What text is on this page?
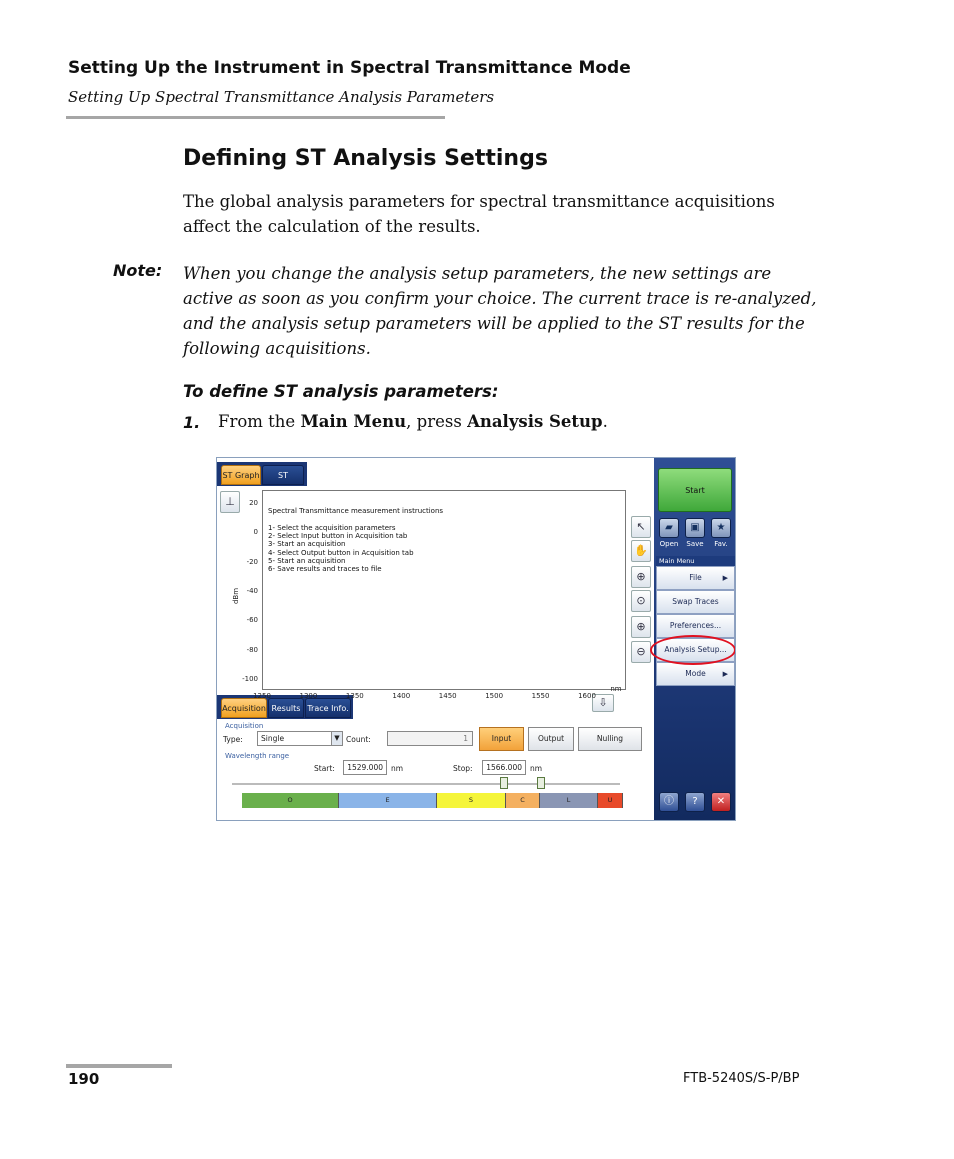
Setting Up the Instrument in Spectral Transmittance Mode
Setting Up Spectral Transmittance Analysis Parameters
Defining ST Analysis Settings
The global analysis parameters for spectral transmittance acquisitions affect the calculation of the results.
Note: When you change the analysis setup parameters, the new settings are active as soon as you confirm your choice. The current trace is re-analyzed, and the analysis setup parameters will be applied to the ST results for the following acquisitions.
To define ST analysis parameters:
1. From the Main Menu, press Analysis Setup.
ST Graph	ST
⊥
Spectral Transmittance measurement instructions
1- Select the acquisition parameters
2- Select Input button in Acquisition tab
3- Start an acquisition
4- Select Output button in Acquisition tab
5- Start an acquisition
6- Save results and traces to file
dBm
nm
↖
✋
⊕
⊙
⊕
⊖
⇩
Acquisition Results Trace Info.
Acquisition
Type:	Single	▼ Count:	1	Input	Output	Nulling
Wavelength range
Start:	1529.000	nm	Stop:	1566.000	nm
Start
▰	▣	★
Open	Save	Fav.
Main Menu
File	▶
Swap Traces
Preferences...
Analysis Setup...
Mode ▶
ⓘ	?	✕
20
0
-20
-40
-60
-80
-100
1250	1300	1350	1400	1450	1500	1550	1600
O	E	S	C	L	U
190	FTB-5240S/S-P/BP
